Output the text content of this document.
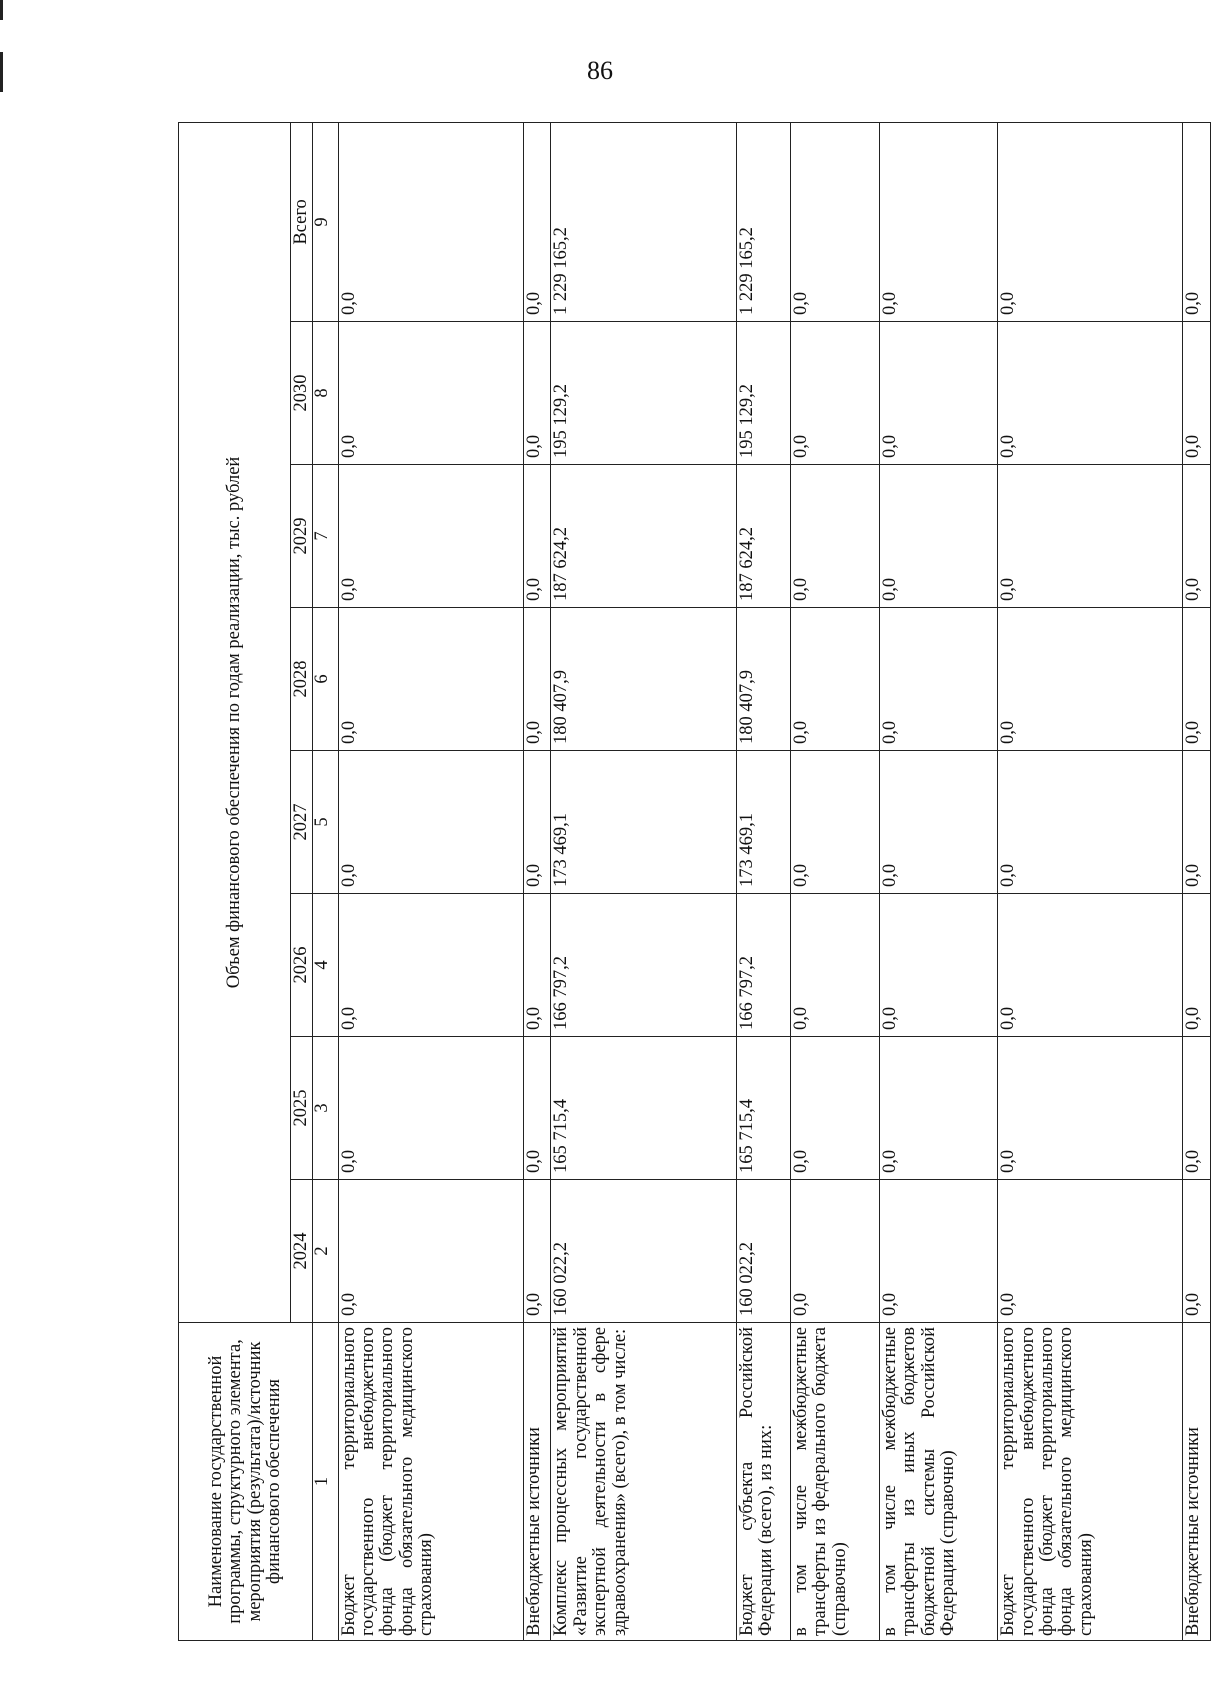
86
Наименование государственной программы, структурного элемента, мероприятия (результата)/источник финансового обеспечения	Объем финансового обеспечения по годам реализации, тыс. рублей							
	2024	2025	2026	2027	2028	2029	2030	Всего
1	2	3	4	5	6	7	8	9
Бюджет территориального государственного внебюджетного фонда (бюджет территориального фонда обязательного медицинского страхования)	0,0	0,0	0,0	0,0	0,0	0,0	0,0	0,0
Внебюджетные источники	0,0	0,0	0,0	0,0	0,0	0,0	0,0	0,0
Комплекс процессных мероприятий «Развитие государственной экспертной деятельности в сфере здравоохранения» (всего), в том числе:	160 022,2	165 715,4	166 797,2	173 469,1	180 407,9	187 624,2	195 129,2	1 229 165,2
Бюджет субъекта Российской Федерации (всего), из них:	160 022,2	165 715,4	166 797,2	173 469,1	180 407,9	187 624,2	195 129,2	1 229 165,2
в том числе межбюджетные трансферты из федерального бюджета (справочно)	0,0	0,0	0,0	0,0	0,0	0,0	0,0	0,0
в том числе межбюджетные трансферты из иных бюджетов бюджетной системы Российской Федерации (справочно)	0,0	0,0	0,0	0,0	0,0	0,0	0,0	0,0
Бюджет территориального государственного внебюджетного фонда (бюджет территориального фонда обязательного медицинского страхования)	0,0	0,0	0,0	0,0	0,0	0,0	0,0	0,0
Внебюджетные источники	0,0	0,0	0,0	0,0	0,0	0,0	0,0	0,0
